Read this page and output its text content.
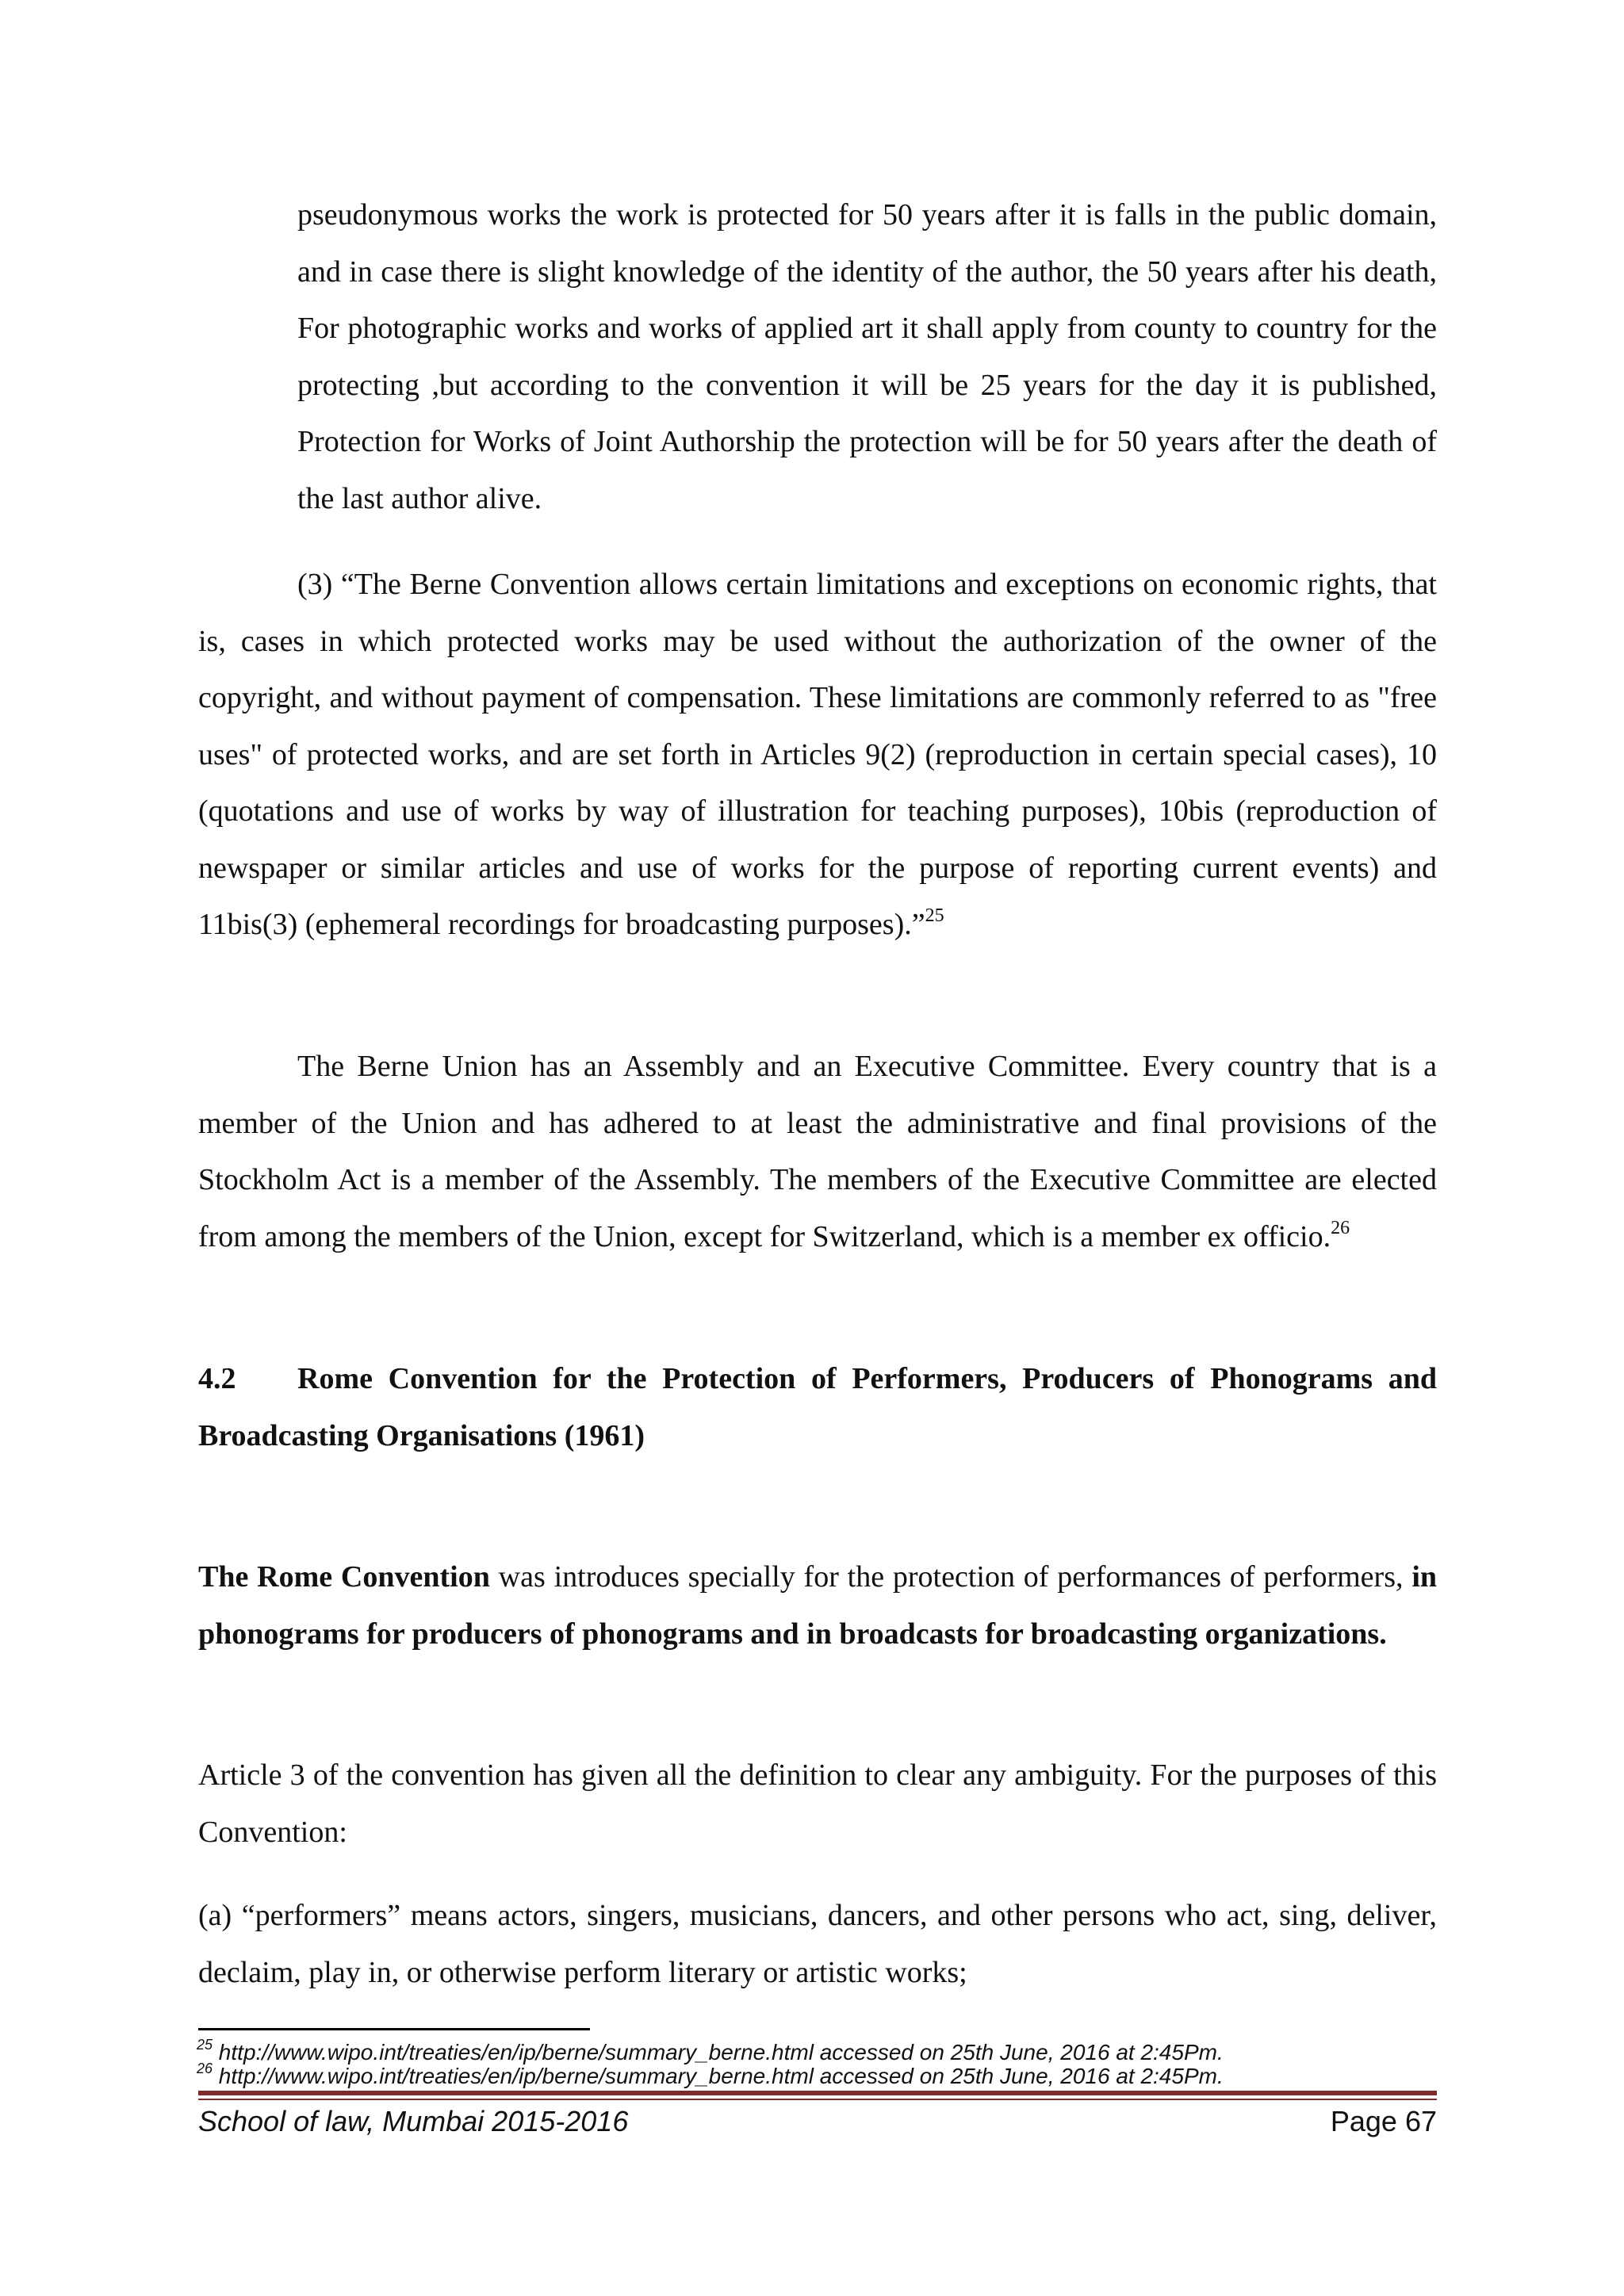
pseudonymous works the work is protected for 50 years after it is falls in the public domain, and in case there is slight knowledge of the identity of the author, the 50 years after his death, For photographic works and works of applied art it shall apply from county to country for the protecting ,but according to the convention it will be 25 years for the day it is published, Protection for Works of Joint Authorship the protection will be for 50 years after the death of the last author alive.

(3) “The Berne Convention allows certain limitations and exceptions on economic rights, that is, cases in which protected works may be used without the authorization of the owner of the copyright, and without payment of compensation. These limitations are commonly referred to as "free uses" of protected works, and are set forth in Articles 9(2) (reproduction in certain special cases), 10 (quotations and use of works by way of illustration for teaching purposes), 10bis (reproduction of newspaper or similar articles and use of works for the purpose of reporting current events) and 11bis(3) (ephemeral recordings for broadcasting purposes).”$^{25}$

The Berne Union has an Assembly and an Executive Committee. Every country that is a member of the Union and has adhered to at least the administrative and final provisions of the Stockholm Act is a member of the Assembly. The members of the Executive Committee are elected from among the members of the Union, except for Switzerland, which is a member ex officio.$^{26}$

4.2 Rome Convention for the Protection of Performers, Producers of Phonograms and Broadcasting Organisations (1961)

The Rome Convention was introduces specially for the protection of performances of performers, in phonograms for producers of phonograms and in broadcasts for broadcasting organizations.

Article 3 of the convention has given all the definition to clear any ambiguity. For the purposes of this Convention:

(a) “performers” means actors, singers, musicians, dancers, and other persons who act, sing, deliver, declaim, play in, or otherwise perform literary or artistic works;

$^{25}$ http://www.wipo.int/treaties/en/ip/berne/summary_berne.html accessed on 25th June, 2016 at 2:45Pm.

$^{26}$ http://www.wipo.int/treaties/en/ip/berne/summary_berne.html accessed on 25th June, 2016 at 2:45Pm.

School of law, Mumbai 2015-2016	Page 67
